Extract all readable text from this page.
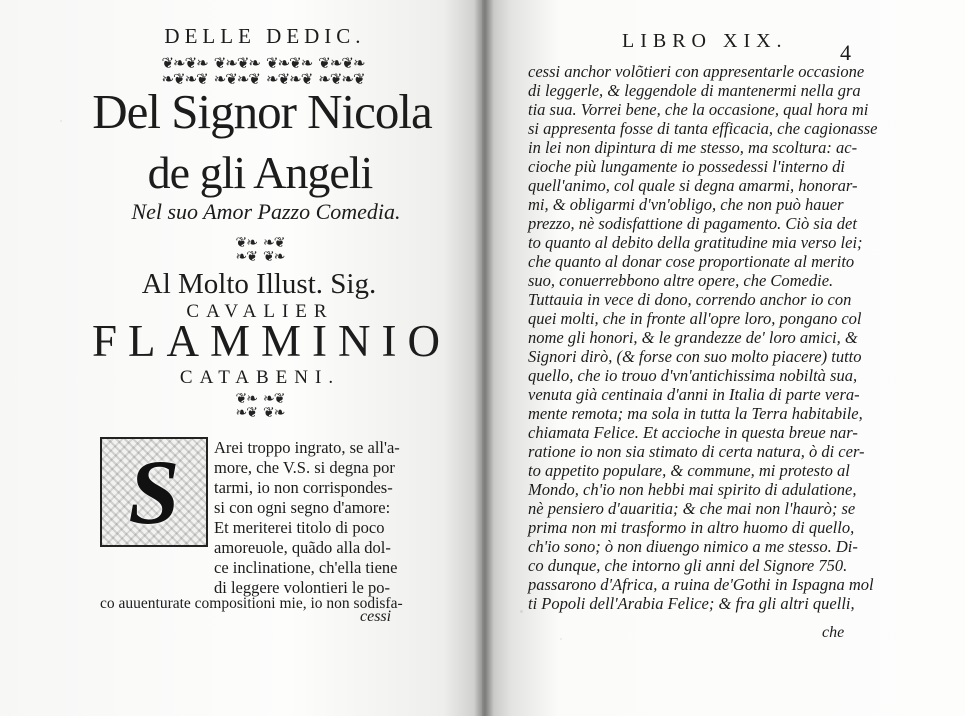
DELLE DEDIC.
❦❧❦❧ ❦❧❦❧ ❦❧❦❧ ❦❧❦❧
❧❦❧❦ ❧❦❧❦ ❧❦❧❦ ❧❦❧❦
Del Signor Nicola
de gli Angeli
Nel suo Amor Pazzo Comedia.
❦❧ ❧❦
❧❦ ❦❧
Al Molto Illust. Sig.
CAVALIER
FLAMMINIO
CATABENI.
❦❧ ❧❦
❧❦ ❦❧
S Arei troppo ingrato, se all'a-
more, che V.S. si degna por
tarmi, io non corrispondes-
si con ogni segno d'amore:
Et meriterei titolo di poco
amoreuole, quãdo alla dol-
ce inclinatione, ch'ella tiene
di leggere volontieri le po-
co auuenturate compositioni mie, io non sodisfa-
cessi
LIBRO XIX. 4
cessi anchor volõtieri con appresentarle occasione
di leggerle, & leggendole di mantenermi nella gra
tia sua. Vorrei bene, che la occasione, qual hora mi
si appresenta fosse di tanta efficacia, che cagionasse
in lei non dipintura di me stesso, ma scoltura: ac-
cioche più lungamente io possedessi l'interno di
quell'animo, col quale si degna amarmi, honorar-
mi, & obligarmi d'vn'obligo, che non può hauer
prezzo, nè sodisfattione di pagamento. Ciò sia det
to quanto al debito della gratitudine mia verso lei;
che quanto al donar cose proportionate al merito
suo, conuerrebbono altre opere, che Comedie.
Tuttauia in vece di dono, correndo anchor io con
quei molti, che in fronte all'opre loro, pongano col
nome gli honori, & le grandezze de' loro amici, &
Signori dirò, (& forse con suo molto piacere) tutto
quello, che io trouo d'vn'antichissima nobiltà sua,
venuta già centinaia d'anni in Italia di parte vera-
mente remota; ma sola in tutta la Terra habitabile,
chiamata Felice. Et accioche in questa breue nar-
ratione io non sia stimato di certa natura, ò di cer-
to appetito populare, & commune, mi protesto al
Mondo, ch'io non hebbi mai spirito di adulatione,
nè pensiero d'auaritia; & che mai non l'haurò; se
prima non mi trasformo in altro huomo di quello,
ch'io sono; ò non diuengo nimico a me stesso. Di-
co dunque, che intorno gli anni del Signore 750.
passarono d'Africa, a ruina de'Gothi in Ispagna mol
ti Popoli dell'Arabia Felice; & fra gli altri quelli,
che
